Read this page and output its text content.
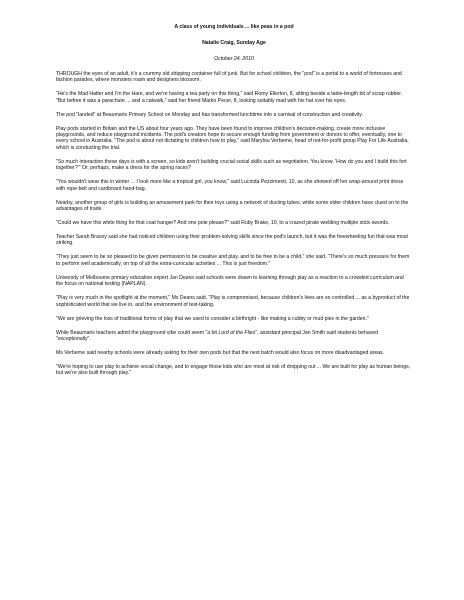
A class of young individuals ... like peas in a pod
Natalie Craig, Sunday Age
October 24, 2010

THROUGH the eyes of an adult, it's a crummy old shipping container full of junk. But for school children, the "pod" is a portal to a world of fortresses and fashion parades, where monsters roam and designers blossom.

"He's the Mad Hatter and I'm the Hare, and we're having a tea party on this thing," said Romy Ellerton, 8, sitting beside a table-length bit of scrap rubber. "But before it was a parachute ... and a catwalk," said her friend Marko Pecer, 8, looking suitably mad with his hat over his eyes.

The pod "landed" at Beaumaris Primary School on Monday and has transformed lunchtime into a carnival of construction and creativity.

Play pods started in Britain and the US about four years ago. They have been found to improve children's decision-making, create more inclusive playgrounds, and reduce playground incidents. The pod's creators hope to secure enough funding from government or donors to offer, eventually, one to every school in Australia. "The pod is about not dictating to children how to play," said Marylou Verberne, head of not-for-profit group Play For Life Australia, which is conducting the trial.

"So much interaction these days is with a screen, so kids aren't building crucial social skills such as negotiation. You know, 'How do you and I build this fort together?'" Or, perhaps, make a dress for the spring races?

"You wouldn't wear this in winter ... I look more like a tropical girl, you know," said Lucinda Pezzimenti, 10, as she showed off her wrap-around print dress with rope-belt and cardboard hand-bag.

Nearby, another group of girls is building an amusement park for their toys using a network of ducting tubes, while some older children have clued on to the advantages of trade.

"Could we have this white thing for that coat hanger? And one pole please?" said Ruby Brake, 10, to a crazed pirate wielding multiple stick-swords.

Teacher Sarah Bracey said she had noticed children using their problem-solving skills since the pod's launch, but it was the freewheeling fun that was most striking.

"They just seem to be so pleased to be given permission to be creative and play, and to be free to be a child," she said. "There's so much pressure for them to perform well academically, on top of all the extra-curricular activities ... This is just freedom."

University of Melbourne primary education expert Jan Deans said schools were drawn to learning through play as a reaction to a crowded curriculum and the focus on national testing (NAPLAN).

"Play is very much in the spotlight at the moment," Ms Deans said. "Play is compromised, because children's lives are so controlled ... as a byproduct of the sophisticated world that we live in, and the environment of test-taking.

"We are grieving the loss of traditional forms of play that we used to consider a birthright - like making a cubby or mud pies in the garden."

While Beaumaris teachers admit the playground vibe could seem "a bit Lord of the Flies", assistant principal Jan Smith said students behaved "exceptionally".

Ms Verberne said nearby schools were already asking for their own pods but that the next batch would also focus on more disadvantaged areas.

"We're hoping to use play to achieve social change, and to engage those kids who are most at risk of dropping out ... We are built for play as human beings, but we're also built through play."
